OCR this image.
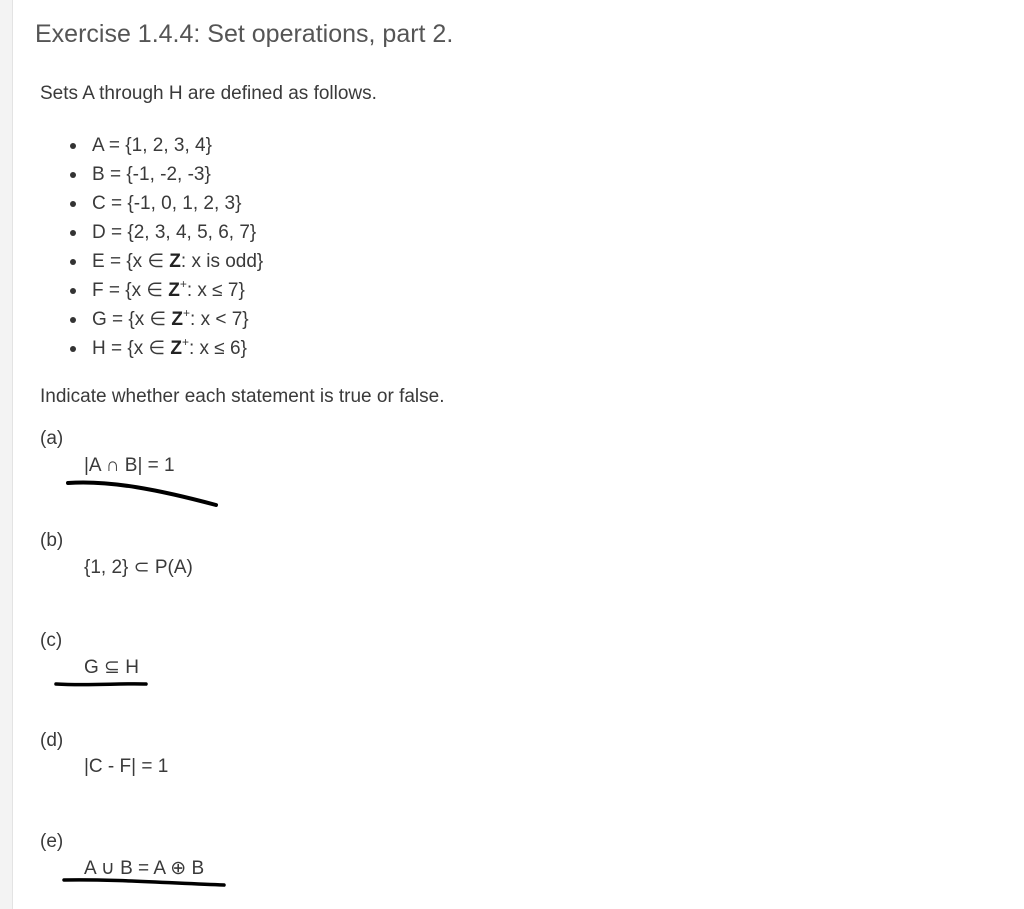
Exercise 1.4.4: Set operations, part 2.

Sets A through H are defined as follows.

A = {1, 2, 3, 4}
B = {-1, -2, -3}
C = {-1, 0, 1, 2, 3}
D = {2, 3, 4, 5, 6, 7}
E = {x ∈ Z: x is odd}
F = {x ∈ Z+: x ≤ 7}
G = {x ∈ Z+: x < 7}
H = {x ∈ Z+: x ≤ 6}

Indicate whether each statement is true or false.

(a)
|A ∩ B| = 1
(b)
{1, 2} ⊂ P(A)
(c)
G ⊆ H
(d)
|C - F| = 1
(e)
A ∪ B = A ⊕ B
